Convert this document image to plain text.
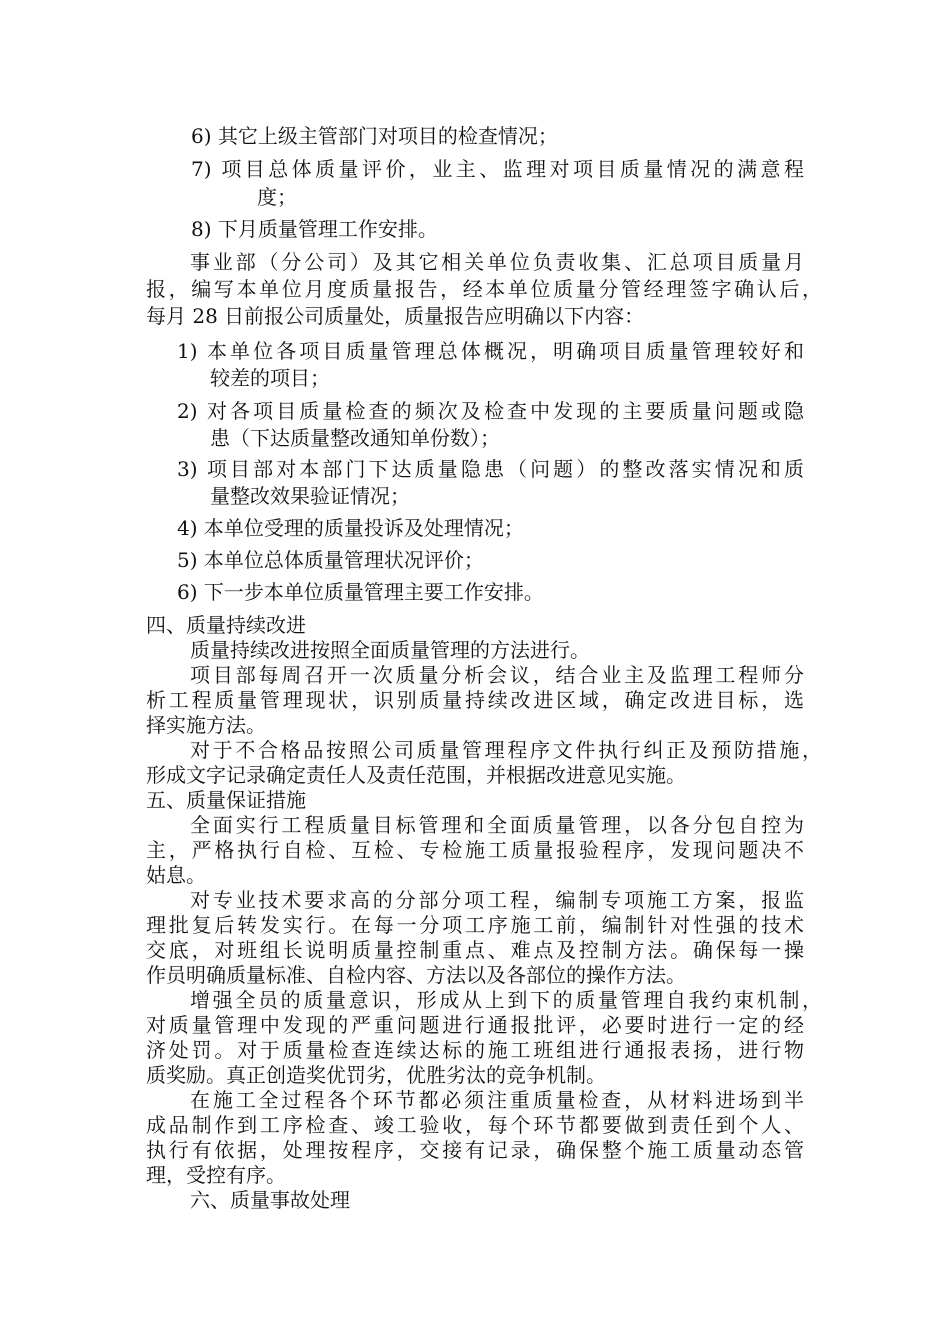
6) 其它上级主管部门对项目的检查情况；
7) 项目总体质量评价，业主、监理对项目质量情况的满意程
度；
8) 下月质量管理工作安排。
事业部（分公司）及其它相关单位负责收集、汇总项目质量月
报，编写本单位月度质量报告，经本单位质量分管经理签字确认后，
每月 28 日前报公司质量处，质量报告应明确以下内容：
1) 本单位各项目质量管理总体概况，明确项目质量管理较好和
较差的项目；
2) 对各项目质量检查的频次及检查中发现的主要质量问题或隐
患（下达质量整改通知单份数）；
3) 项目部对本部门下达质量隐患（问题）的整改落实情况和质
量整改效果验证情况；
4) 本单位受理的质量投诉及处理情况；
5) 本单位总体质量管理状况评价；
6) 下一步本单位质量管理主要工作安排。
四、质量持续改进
质量持续改进按照全面质量管理的方法进行。
项目部每周召开一次质量分析会议，结合业主及监理工程师分
析工程质量管理现状，识别质量持续改进区域，确定改进目标，选
择实施方法。
对于不合格品按照公司质量管理程序文件执行纠正及预防措施，
形成文字记录确定责任人及责任范围，并根据改进意见实施。
五、质量保证措施
全面实行工程质量目标管理和全面质量管理，以各分包自控为
主，严格执行自检、互检、专检施工质量报验程序，发现问题决不
姑息。
对专业技术要求高的分部分项工程，编制专项施工方案，报监
理批复后转发实行。在每一分项工序施工前，编制针对性强的技术
交底，对班组长说明质量控制重点、难点及控制方法。确保每一操
作员明确质量标准、自检内容、方法以及各部位的操作方法。
增强全员的质量意识，形成从上到下的质量管理自我约束机制，
对质量管理中发现的严重问题进行通报批评，必要时进行一定的经
济处罚。对于质量检查连续达标的施工班组进行通报表扬，进行物
质奖励。真正创造奖优罚劣，优胜劣汰的竞争机制。
在施工全过程各个环节都必须注重质量检查，从材料进场到半
成品制作到工序检查、竣工验收，每个环节都要做到责任到个人、
执行有依据，处理按程序，交接有记录，确保整个施工质量动态管
理，受控有序。
六、质量事故处理
